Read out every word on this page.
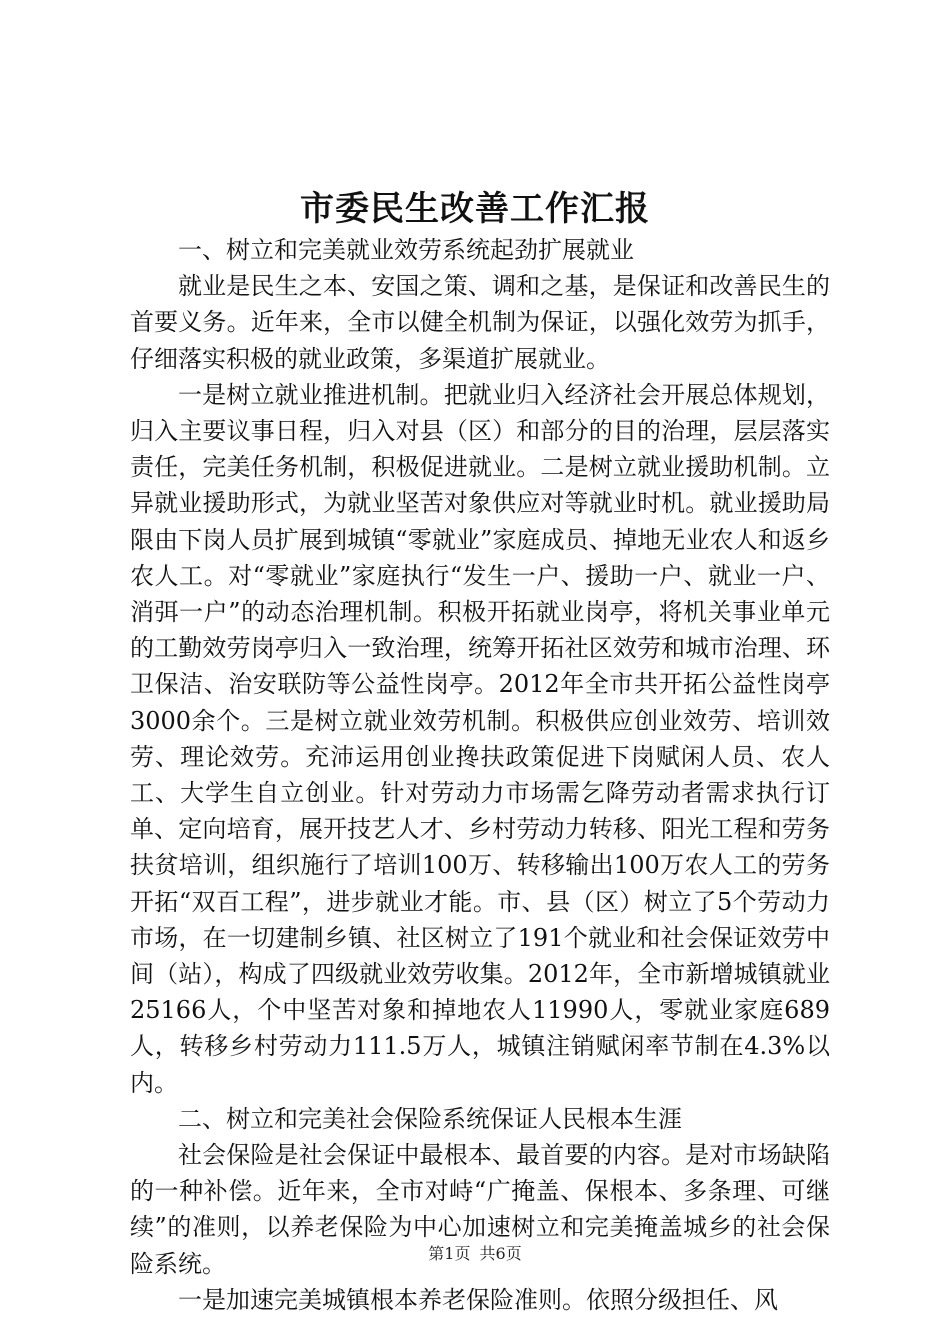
市委民生改善工作汇报

一、树立和完美就业效劳系统起劲扩展就业

就业是民生之本、安国之策、调和之基，是保证和改善民生的首要义务。近年来，全市以健全机制为保证，以强化效劳为抓手，仔细落实积极的就业政策，多渠道扩展就业。

一是树立就业推进机制。把就业归入经济社会开展总体规划，归入主要议事日程，归入对县（区）和部分的目的治理，层层落实责任，完美任务机制，积极促进就业。二是树立就业援助机制。立异就业援助形式，为就业坚苦对象供应对等就业时机。就业援助局限由下岗人员扩展到城镇“零就业”家庭成员、掉地无业农人和返乡农人工。对“零就业”家庭执行“发生一户、援助一户、就业一户、消弭一户”的动态治理机制。积极开拓就业岗亭，将机关事业单元的工勤效劳岗亭归入一致治理，统筹开拓社区效劳和城市治理、环卫保洁、治安联防等公益性岗亭。2012年全市共开拓公益性岗亭3000余个。三是树立就业效劳机制。积极供应创业效劳、培训效劳、理论效劳。充沛运用创业搀扶政策促进下岗赋闲人员、农人工、大学生自立创业。针对劳动力市场需乞降劳动者需求执行订单、定向培育，展开技艺人才、乡村劳动力转移、阳光工程和劳务扶贫培训，组织施行了培训100万、转移输出100万农人工的劳务开拓“双百工程”，进步就业才能。市、县（区）树立了5个劳动力市场，在一切建制乡镇、社区树立了191个就业和社会保证效劳中间（站），构成了四级就业效劳收集。2012年，全市新增城镇就业25166人，个中坚苦对象和掉地农人11990人，零就业家庭689人，转移乡村劳动力111.5万人，城镇注销赋闲率节制在4.3%以内。

二、树立和完美社会保险系统保证人民根本生涯

社会保险是社会保证中最根本、最首要的内容。是对市场缺陷的一种补偿。近年来，全市对峙“广掩盖、保根本、多条理、可继续”的准则，以养老保险为中心加速树立和完美掩盖城乡的社会保险系统。

一是加速完美城镇根本养老保险准则。依照分级担任、风

第1页 共6页
